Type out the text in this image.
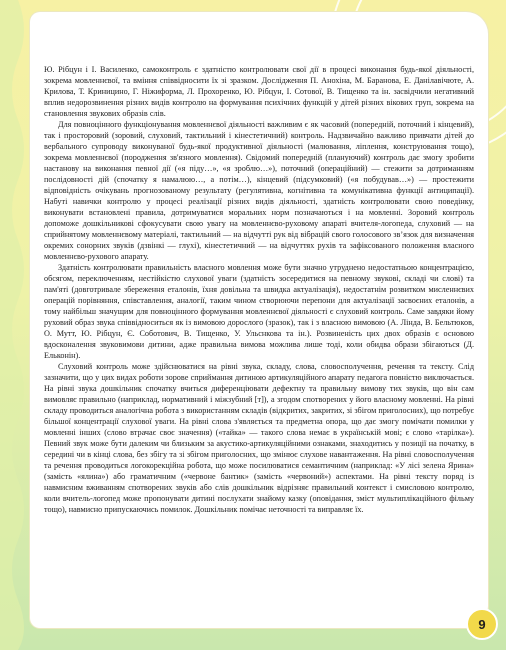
Ю. Рібцун і І. Василенко, самоконтроль є здатністю контролювати свої дії в процесі виконання будь-якої діяльності, зокрема мовленнєвої, та вміння співвідносити їх зі зразком. Дослідження П. Анохіна, М. Баранова, Е. Данілавічюте, А. Крилова, Т. Криницино, Г. Ніжиформа, Л. Прохоренко, Ю. Рібцун, І. Сотової, В. Тищенко та ін. засвідчили негативний вплив недорозвинення різних видів контролю на формування психічних функцій у дітей різних вікових груп, зокрема на становлення звукових образів слів.

Для повноцінного функціонування мовленнєвої діяльності важливим є як часовий (попередній, поточний і кінцевий), так і просторовий (зоровий, слуховий, тактильний і кінестетичний) контроль. Надзвичайно важливо привчати дітей до вербального супроводу виконуваної будь-якої продуктивної діяльності (малювання, ліплення, конструювання тощо), зокрема мовленнєвої (породження зв'язного мовлення). Свідомий попередній (плануючий) контроль дає змогу зробити настанову на виконання певної дії («я піду…», «я зроблю…»), поточний (операційний) — стежити за дотриманням послідовності дій (спочатку я намалюю…, а потім…), кінцевий (підсумковий) («я побудував…») — простежити відповідність очікувань прогнозованому результату (регулятивна, когнітивна та комунікативна функції антиципації). Набуті навички контролю у процесі реалізації різних видів діяльності, здатність контролювати свою поведінку, виконувати встановлені правила, дотримуватися моральних норм позначаються і на мовленні. Зоровий контроль допоможе дошкільникові сфокусувати свою увагу на мовленнєво-руховому апараті вчителя-логопеда, слуховий — на сприйнятому мовленнєвому матеріалі, тактильний — на відчутті рук від вібрацій свого голосового звʼязок для визначення окремих сонорних звуків (дзвінкі — глухі), кінестетичний — на відчуттях рухів та зафіксованого положення власного мовленнєво-рухового апарату.

Здатність контролювати правильність власного мовлення може бути значно утруднено недостатньою концентрацією, обсягом, переключенням, нестійкістю слухової уваги (здатність зосередитися на певному звукові, складі чи слові) та пам'яті (довготривале збереження еталонів, їхня довільна та швидка актуалізація), недостатнім розвитком мисленнєвих операцій порівняння, співставлення, аналогії, таким чином створюючи перепони для актуалізації засвоєних еталонів, а тому найбільш значущим для повноцінного формування мовленнєвої діяльності є слуховий контроль. Саме завдяки йому руховий образ звука співвідноситься як із вимовою дорослого (зразок), так і з власною вимовою (А. Лінда, В. Бельтюков, О. Мутт, Ю. Рібцун, Є. Соботович, В. Тищенко, У. Ульснкова та ін.). Розвиненість цих двох образів є основою вдосконалення звуковимови дитини, адже правильна вимова можлива лише тоді, коли обидва образи збігаються (Д. Ельконін).

Слуховий контроль може здійснюватися на рівні звука, складу, слова, словосполучення, речення та тексту. Слід зазначити, що у цих видах роботи зорове сприймання дитиною артикуляційного апарату педагога повністю виключається. На рівні звука дошкільник спочатку вчиться диференціювати дефектну та правильну вимову тих звуків, що він сам вимовляє правильно (наприклад, нормативний і міжзубний [т]), а згодом спотворених у його власному мовленні. На рівні складу проводиться аналогічна робота з використанням складів (відкритих, закритих, зі збігом приголосних), що потребує більшої концентрації слухової уваги. На рівні слова з'являється та предметна опора, що дає змогу помічати помилки у мовленні інших (слово втрачає своє значення) («тайка» — такого слова немає в українській мові; є слово «тарілка»). Певний звук може бути далеким чи близьким за акустико-артикуляційними ознаками, знаходитись у позиції на початку, в середині чи в кінці слова, без збігу та зі збігом приголосних, що змінює слухове навантаження. На рівні словосполучення та речення проводиться логокорекційна робота, що може посилюватися семантичним (наприклад: «У лісі зелена Ярина» (замість «ялина») або граматичним («червоне бантик» (замість «червоний») аспектами. На рівні тексту поряд із навмисним вживанням спотворених звуків або слів дошкільник відрізняє правильний контекст і смисловою контролю, коли вчитель-логопед може пропонувати дитині послухати знайому казку (оповідання, зміст мультиплікаційного фільму тощо), навмисно припускаючись помилок. Дошкільник помічає неточності та виправляє їх.

9
